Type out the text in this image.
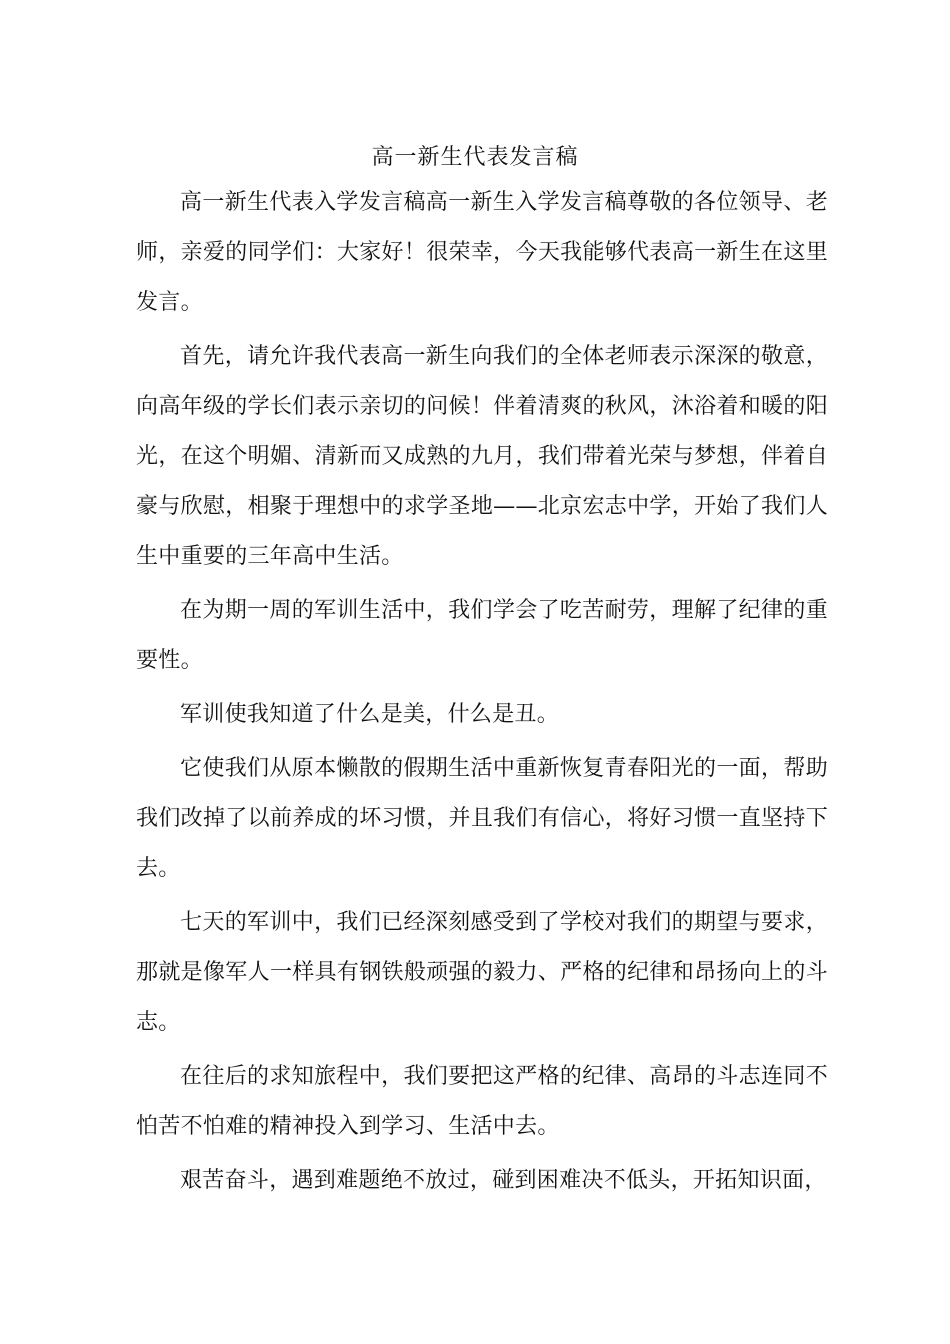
高一新生代表发言稿

高一新生代表入学发言稿高一新生入学发言稿尊敬的各位领导、老师，亲爱的同学们：大家好！很荣幸，今天我能够代表高一新生在这里发言。

首先，请允许我代表高一新生向我们的全体老师表示深深的敬意，向高年级的学长们表示亲切的问候！伴着清爽的秋风，沐浴着和暖的阳光，在这个明媚、清新而又成熟的九月，我们带着光荣与梦想，伴着自豪与欣慰，相聚于理想中的求学圣地——北京宏志中学，开始了我们人生中重要的三年高中生活。

在为期一周的军训生活中，我们学会了吃苦耐劳，理解了纪律的重要性。

军训使我知道了什么是美，什么是丑。

它使我们从原本懒散的假期生活中重新恢复青春阳光的一面，帮助我们改掉了以前养成的坏习惯，并且我们有信心，将好习惯一直坚持下去。

七天的军训中，我们已经深刻感受到了学校对我们的期望与要求，那就是像军人一样具有钢铁般顽强的毅力、严格的纪律和昂扬向上的斗志。

在往后的求知旅程中，我们要把这严格的纪律、高昂的斗志连同不怕苦不怕难的精神投入到学习、生活中去。

艰苦奋斗，遇到难题绝不放过，碰到困难决不低头，开拓知识面，
